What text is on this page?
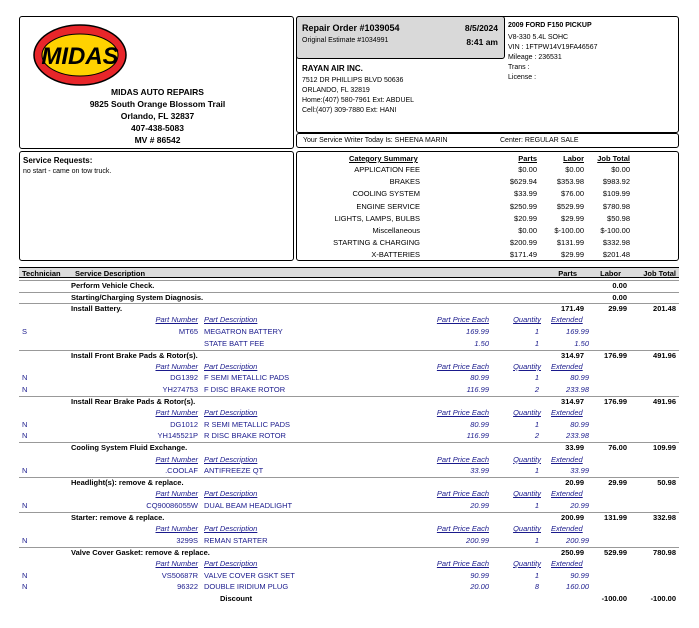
MIDAS
MIDAS AUTO REPAIRS
9825 South Orange Blossom Trail
Orlando, FL 32837
407-438-5083
MV # 86542
Repair Order #1039054
Original Estimate #1034991
8/5/2024
8:41 am
RAYAN AIR INC.
7512 DR PHILLIPS BLVD 50636
ORLANDO, FL 32819
Home:(407) 580-7961 Ext: ABDUEL
Cell:(407) 309-7880 Ext: HANI
2009 FORD F150 PICKUP
V8-330 5.4L SOHC
VIN : 1FTPW14V19FA46567
Mileage : 236531
Trans :
License :
Your Service Writer Today Is: SHEENA MARIN	Center: REGULAR SALE
Service Requests:
no start - came on tow truck.
Category Summary	Parts	Labor Job Total
APPLICATION FEE	$0.00	$0.00	$0.00
BRAKES	$629.94	$353.98	$983.92
COOLING SYSTEM	$33.99	$76.00	$109.99
ENGINE SERVICE	$250.99	$529.99	$780.98
LIGHTS, LAMPS, BULBS	$20.99	$29.99	$50.98
Miscellaneous	$0.00 $-100.00 $-100.00
STARTING & CHARGING	$200.99	$131.99	$332.98
X-BATTERIES	$171.49	$29.99	$201.48
Technician Service Description	Parts	Labor	Job Total
Perform Vehicle Check.	0.00
Starting/Charging System Diagnosis.	0.00
Install Battery.	171.49	29.99	201.48
Part Number Part Description	Part Price Each	Quantity Extended
S	MT65 MEGATRON BATTERY	169.99	1	169.99
STATE BATT FEE	1.50	1	1.50
Install Front Brake Pads & Rotor(s).	314.97	176.99	491.96
Part Number Part Description	Part Price Each	Quantity Extended
N	DG1392 F SEMI METALLIC PADS	80.99	1	80.99
N	YH274753 F DISC BRAKE ROTOR	116.99	2	233.98
Install Rear Brake Pads & Rotor(s).	314.97	176.99	491.96
Part Number Part Description	Part Price Each	Quantity Extended
N	DG1012 R SEMI METALLIC PADS	80.99	1	80.99
N	YH145521P R DISC BRAKE ROTOR	116.99	2	233.98
Cooling System Fluid Exchange.	33.99	76.00	109.99
Part Number Part Description	Part Price Each	Quantity Extended
N	.COOLAF ANTIFREEZE QT	33.99	1	33.99
Headlight(s): remove & replace.	20.99	29.99	50.98
Part Number Part Description	Part Price Each	Quantity Extended
N	CQ90086055W DUAL BEAM HEADLIGHT	20.99	1	20.99
Starter: remove & replace.	200.99	131.99	332.98
Part Number Part Description	Part Price Each	Quantity Extended
N	3299S REMAN STARTER	200.99	1	200.99
Valve Cover Gasket: remove & replace.	250.99	529.99	780.98
Part Number Part Description	Part Price Each	Quantity Extended
N	VS50687R VALVE COVER GSKT SET	90.99	1	90.99
N	96322 DOUBLE IRIDIUM PLUG	20.00	8	160.00
Discount	-100.00	-100.00
